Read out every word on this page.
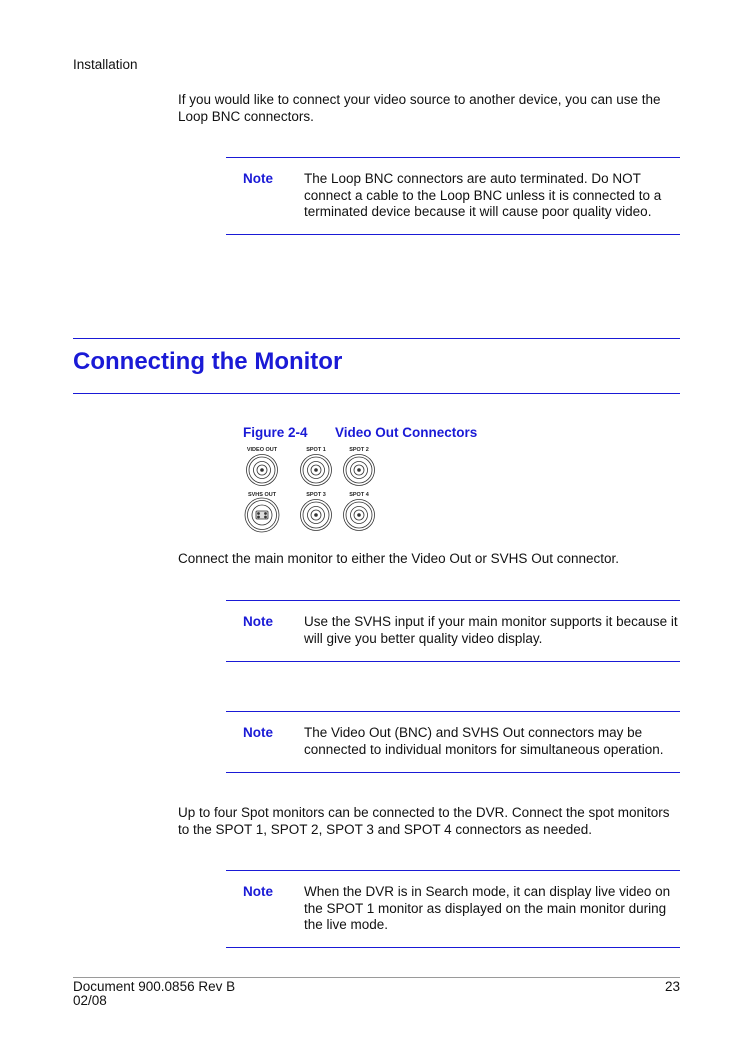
Installation
If you would like to connect your video source to another device, you can use the Loop BNC connectors.
Note The Loop BNC connectors are auto terminated. Do NOT connect a cable to the Loop BNC unless it is connected to a terminated device because it will cause poor quality video.
Connecting the Monitor
Figure 2-4 Video Out Connectors
VIDEO OUT	SPOT 1	SPOT 2
SVHS OUT	SPOT 3	SPOT 4
Connect the main monitor to either the Video Out or SVHS Out connector.
Note Use the SVHS input if your main monitor supports it because it will give you better quality video display.
Note The Video Out (BNC) and SVHS Out connectors may be connected to individual monitors for simultaneous operation.
Up to four Spot monitors can be connected to the DVR. Connect the spot monitors to the SPOT 1, SPOT 2, SPOT 3 and SPOT 4 connectors as needed.
Note When the DVR is in Search mode, it can display live video on the SPOT 1 monitor as displayed on the main monitor during the live mode.
Document 900.0856 Rev B
02/08
23
